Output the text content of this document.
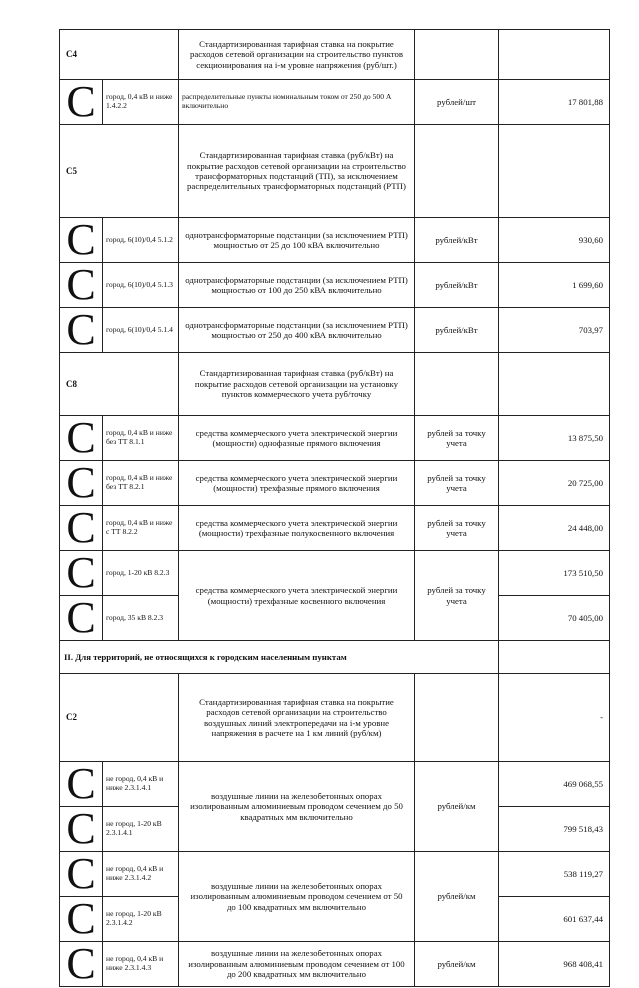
C4		Стандартизированная тарифная ставка на покрытие расходов сетевой организации на строительство пунктов секционирования на i-м уровне напряжения (руб/шт.)		
C	город, 0,4 кВ и ниже 1.4.2.2	распределительные пункты номинальным током от 250 до 500 А включительно	рублей/шт	17 801,88
C5		Стандартизированная тарифная ставка (руб/кВт) на покрытие расходов сетевой организации на строительство трансформаторных подстанций (ТП), за исключением распределительных трансформаторных подстанций (РТП)		
C	город, 6(10)/0,4 5.1.2	однотрансформаторные подстанции (за исключением РТП) мощностью от 25 до 100 кВА включительно	рублей/кВт	930,60
C	город, 6(10)/0,4 5.1.3	однотрансформаторные подстанции (за исключением РТП) мощностью от 100 до 250 кВА включительно	рублей/кВт	1 699,60
C	город, 6(10)/0,4 5.1.4	однотрансформаторные подстанции (за исключением РТП) мощностью от 250 до 400 кВА включительно	рублей/кВт	703,97
C8		Стандартизированная тарифная ставка (руб/кВт) на покрытие расходов сетевой организации на установку пунктов коммерческого учета руб/точку		
C	город, 0,4 кВ и ниже без ТТ 8.1.1	средства коммерческого учета электрической энергии (мощности) однофазные прямого включения	рублей за точку учета	13 875,50
C	город, 0,4 кВ и ниже без ТТ 8.2.1	средства коммерческого учета электрической энергии (мощности) трехфазные прямого включения	рублей за точку учета	20 725,00
C	город, 0,4 кВ и ниже с ТТ 8.2.2	средства коммерческого учета электрической энергии (мощности) трехфазные полукосвенного включения	рублей за точку учета	24 448,00
C	город, 1-20 кВ 8.2.3	средства коммерческого учета электрической энергии (мощности) трехфазные косвенного включения	рублей за точку учета	173 510,50
C	город, 35 кВ 8.2.3			70 405,00
II. Для территорий, не относящихся к городским населенным пунктам				
C2		Стандартизированная тарифная ставка на покрытие расходов сетевой организации на строительство воздушных линий электропередачи на i-м уровне напряжения в расчете на 1 км линий (руб/км)		-
C	не город, 0,4 кВ и ниже 2.3.1.4.1	воздушные линии на железобетонных опорах изолированным алюминиевым проводом сечением до 50 квадратных мм включительно	рублей/км	469 068,55
C	не город, 1-20 кВ 2.3.1.4.1			799 518,43
C	не город, 0,4 кВ и ниже 2.3.1.4.2	воздушные линии на железобетонных опорах изолированным алюминиевым проводом сечением от 50 до 100 квадратных мм включительно	рублей/км	538 119,27
C	не город, 1-20 кВ 2.3.1.4.2			601 637,44
C	не город, 0,4 кВ и ниже 2.3.1.4.3	воздушные линии на железобетонных опорах изолированным алюминиевым проводом сечением от 100 до 200 квадратных мм включительно	рублей/км	968 408,41
